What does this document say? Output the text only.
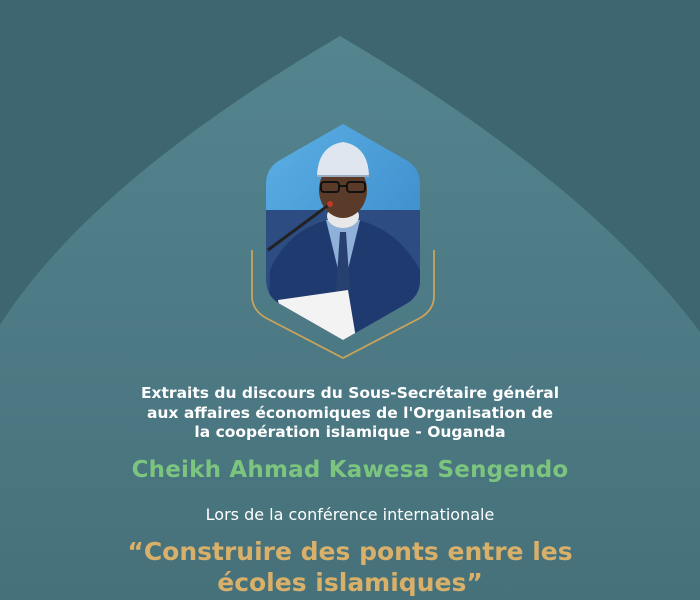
Extraits du discours du Sous-Secrétaire général
aux affaires économiques de l'Organisation de
la coopération islamique - Ouganda
Cheikh Ahmad Kawesa Sengendo
Lors de la conférence internationale
“Construire des ponts entre les
écoles islamiques”
